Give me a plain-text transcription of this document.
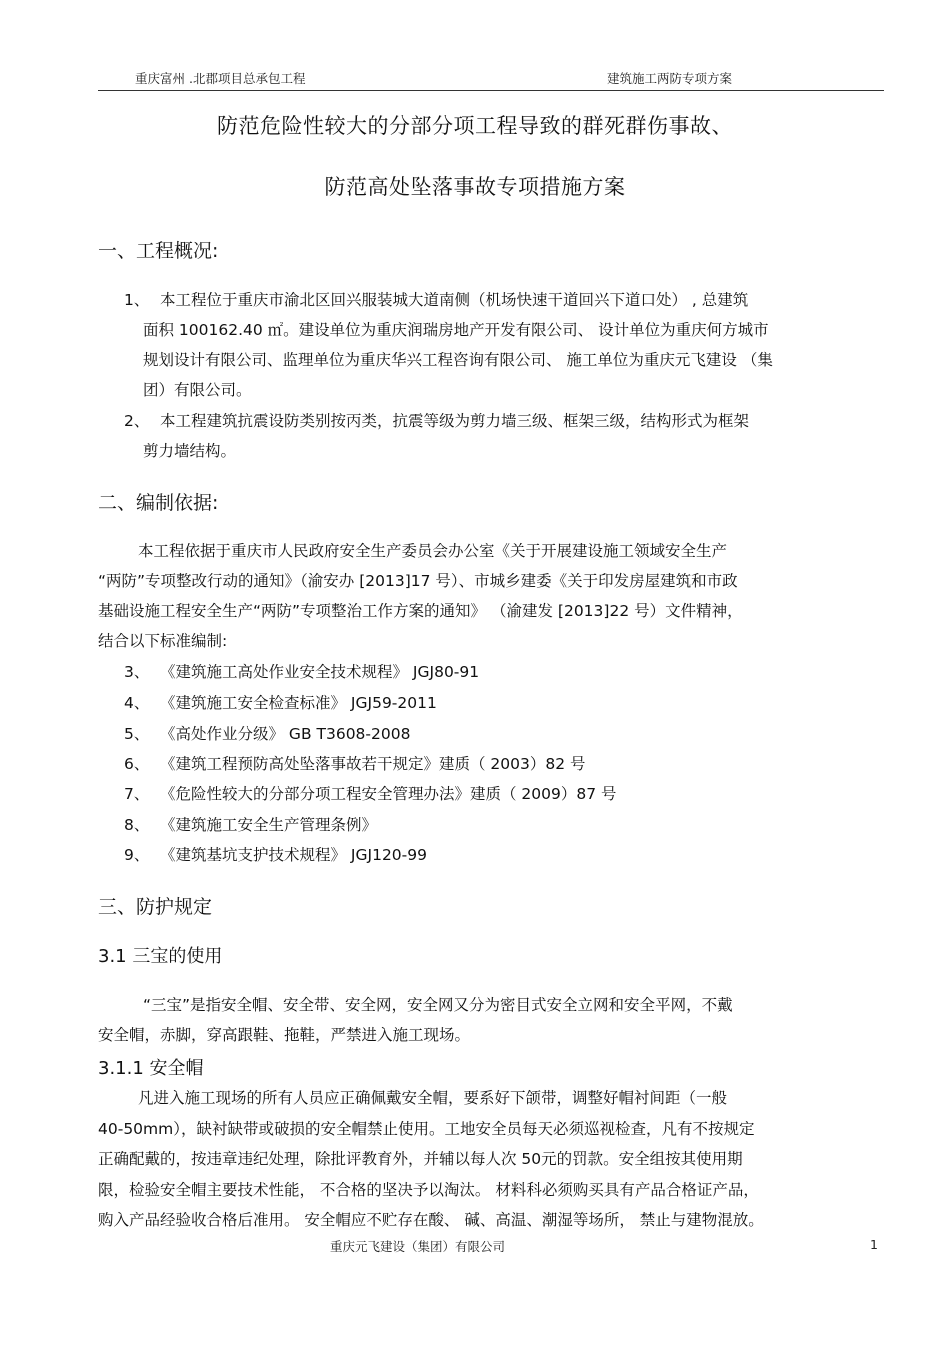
重庆富州 .北郡项目总承包工程	建筑施工两防专项方案
防范危险性较大的分部分项工程导致的群死群伤事故、
防范高处坠落事故专项措施方案
一、工程概况:
1、 本工程位于重庆市渝北区回兴服装城大道南侧（机场快速干道回兴下道口处） , 总建筑
面积 100162.40 ㎡。建设单位为重庆润瑞房地产开发有限公司、 设计单位为重庆何方城市
规划设计有限公司、监理单位为重庆华兴工程咨询有限公司、 施工单位为重庆元飞建设 （集
团）有限公司。
2、 本工程建筑抗震设防类别按丙类，抗震等级为剪力墙三级、框架三级，结构形式为框架
剪力墙结构。
二、编制依据:
本工程依据于重庆市人民政府安全生产委员会办公室《关于开展建设施工领域安全生产
“两防”专项整改行动的通知》（渝安办 [2013]17 号）、市城乡建委《关于印发房屋建筑和市政
基础设施工程安全生产“两防”专项整治工作方案的通知》 （渝建发 [2013]22 号）文件精神，
结合以下标准编制:
3、 《建筑施工高处作业安全技术规程》 JGJ80-91
4、 《建筑施工安全检查标准》 JGJ59-2011
5、 《高处作业分级》 GB T3608-2008
6、 《建筑工程预防高处坠落事故若干规定》建质（ 2003）82 号
7、 《危险性较大的分部分项工程安全管理办法》建质（ 2009）87 号
8、 《建筑施工安全生产管理条例》
9、 《建筑基坑支护技术规程》 JGJ120-99
三、防护规定
3.1 三宝的使用
“三宝”是指安全帽、安全带、安全网，安全网又分为密目式安全立网和安全平网，不戴
安全帽，赤脚，穿高跟鞋、拖鞋，严禁进入施工现场。
3.1.1 安全帽
凡进入施工现场的所有人员应正确佩戴安全帽，要系好下颌带，调整好帽衬间距（一般
40-50mm），缺衬缺带或破损的安全帽禁止使用。工地安全员每天必须巡视检查，凡有不按规定
正确配戴的，按违章违纪处理，除批评教育外，并辅以每人次 50元的罚款。安全组按其使用期
限，检验安全帽主要技术性能， 不合格的坚决予以淘汰。 材料科必须购买具有产品合格证产品，
购入产品经验收合格后准用。 安全帽应不贮存在酸、 碱、高温、潮湿等场所， 禁止与建物混放。
重庆元飞建设（集团）有限公司	1
